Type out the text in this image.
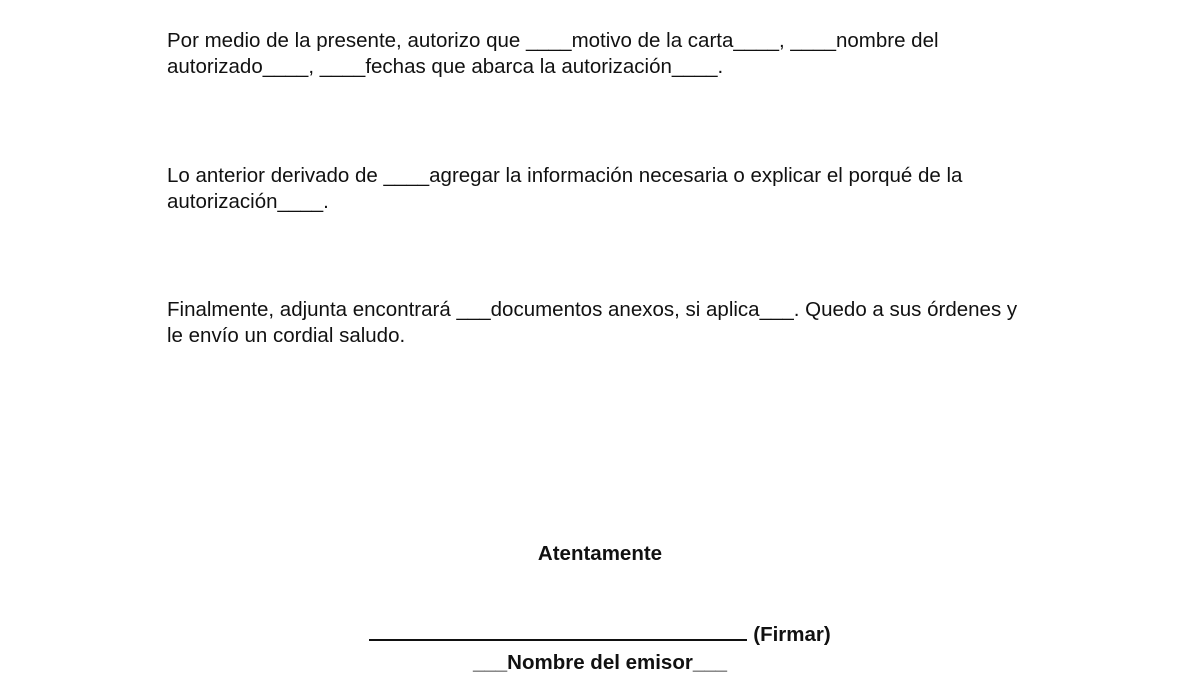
Por medio de la presente, autorizo que ____motivo de la carta____, ____nombre del autorizado____, ____fechas que abarca la autorización____.

Lo anterior derivado de ____agregar la información necesaria o explicar el porqué de la autorización____.

Finalmente, adjunta encontrará ___documentos anexos, si aplica___. Quedo a sus órdenes y le envío un cordial saludo.

Atentamente

(Firmar)

___Nombre del emisor___
